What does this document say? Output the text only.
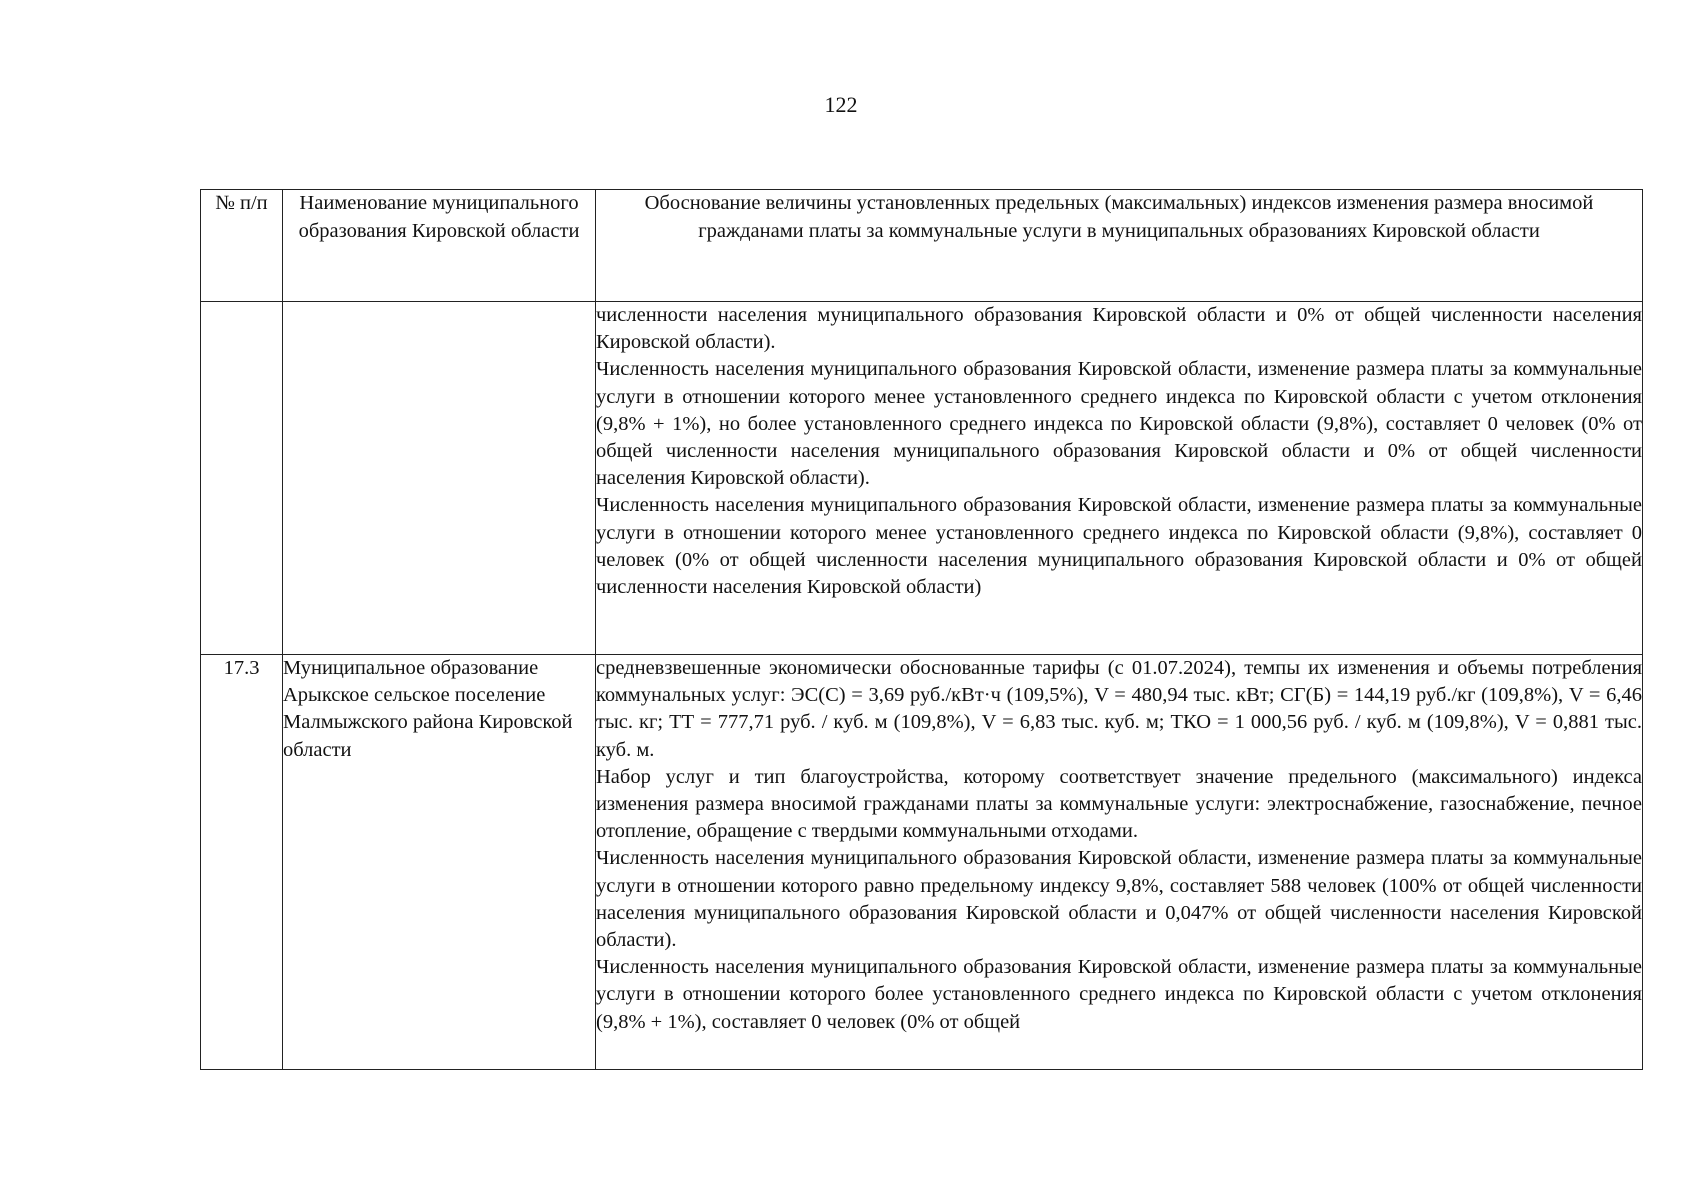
122
№ п/п	Наименование муниципального образования Кировской области	Обоснование величины установленных предельных (максимальных) индексов изменения размера вносимой гражданами платы за коммунальные услуги в муниципальных образованиях Кировской области

		численности населения муниципального образования Кировской области и 0% от общей численности населения Кировской области).

Численность населения муниципального образования Кировской области, изменение размера платы за коммунальные услуги в отношении которого менее установленного среднего индекса по Кировской области с учетом отклонения (9,8% + 1%), но более установленного среднего индекса по Кировской области (9,8%), составляет 0 человек (0% от общей численности населения муниципального образования Кировской области и 0% от общей численности населения Кировской области).

Численность населения муниципального образования Кировской области, изменение размера платы за коммунальные услуги в отношении которого менее установленного среднего индекса по Кировской области (9,8%), составляет 0 человек (0% от общей численности населения муниципального образования Кировской области и 0% от общей численности населения Кировской области)

17.3	Муниципальное образование Арыкское сельское поселение Малмыжского района Кировской области	средневзвешенные экономически обоснованные тарифы (с 01.07.2024), темпы их изменения и объемы потребления коммунальных услуг: ЭС(С) = 3,69 руб./кВт·ч (109,5%), V = 480,94 тыс. кВт; СГ(Б) = 144,19 руб./кг (109,8%), V = 6,46 тыс. кг; ТТ = 777,71 руб. / куб. м (109,8%), V = 6,83 тыс. куб. м; ТКО = 1 000,56 руб. / куб. м (109,8%), V = 0,881 тыс. куб. м.

Набор услуг и тип благоустройства, которому соответствует значение предельного (максимального) индекса изменения размера вносимой гражданами платы за коммунальные услуги: электроснабжение, газоснабжение, печное отопление, обращение с твердыми коммунальными отходами.

Численность населения муниципального образования Кировской области, изменение размера платы за коммунальные услуги в отношении которого равно предельному индексу 9,8%, составляет 588 человек (100% от общей численности населения муниципального образования Кировской области и 0,047% от общей численности населения Кировской области).

Численность населения муниципального образования Кировской области, изменение размера платы за коммунальные услуги в отношении которого более установленного среднего индекса по Кировской области с учетом отклонения (9,8% + 1%), составляет 0 человек (0% от общей
